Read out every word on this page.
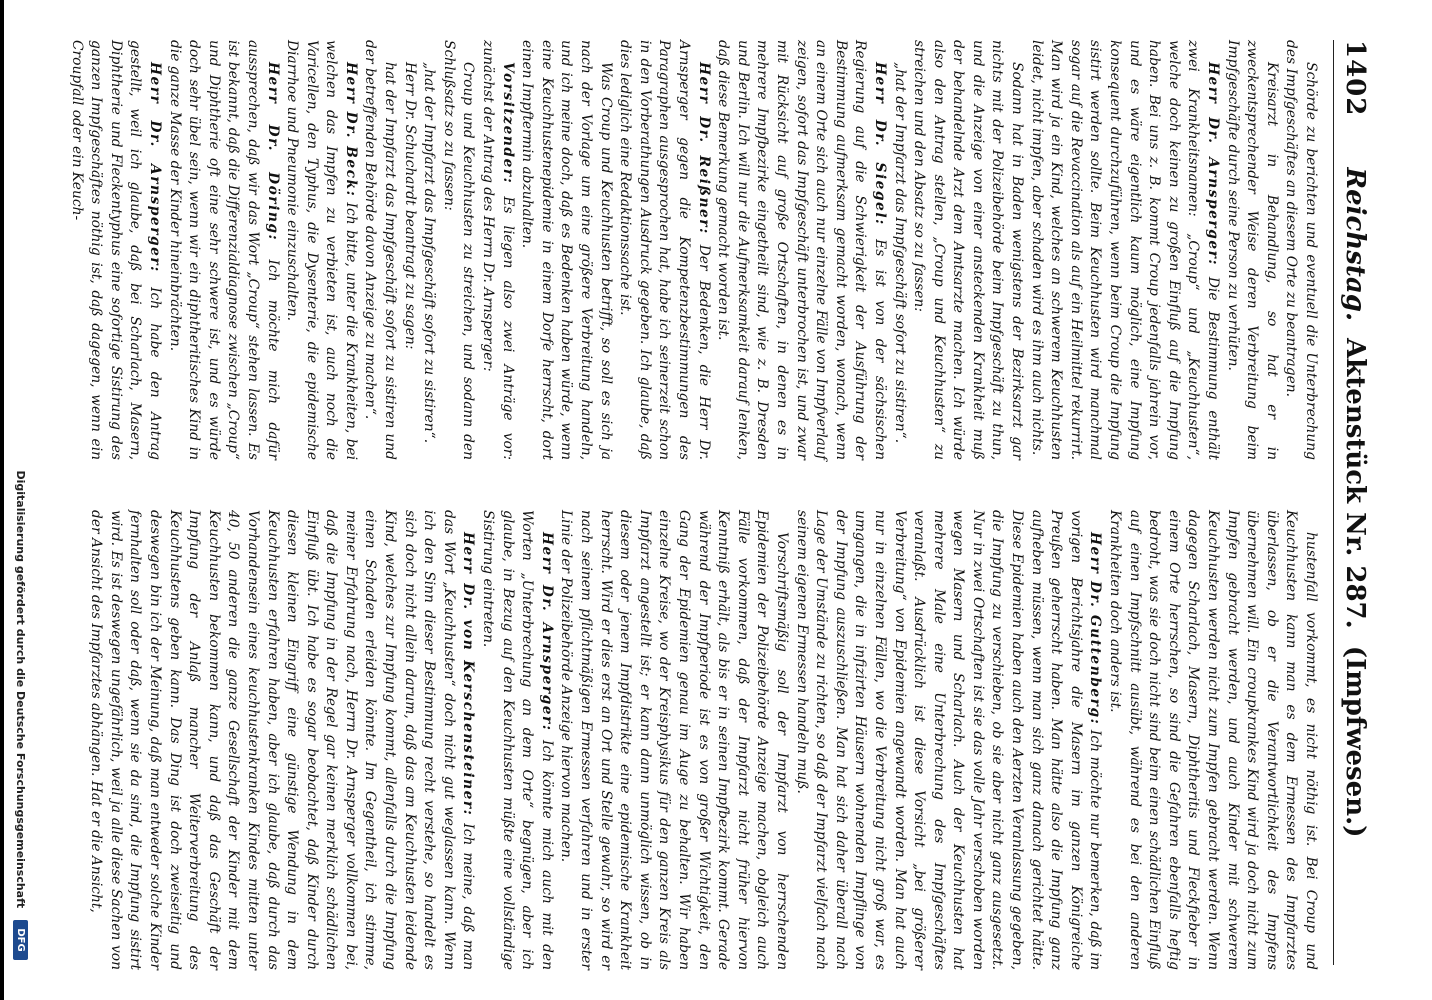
1402
Reichstag. Aktenstück Nr. 287. (Impfwesen.)

Schörde zu berichten und eventuell die Unterbrechung des Impfgeschäftes an diesem Orte zu beantragen.

Kreisarzt in Behandlung, so hat er in zweckentsprechender Weise deren Verbreitung beim Impfgeschäfte durch seine Person zu verhüten.

Herr Dr. Arnsperger: Die Bestimmung enthält zwei Krankheitsnamen: „Croup“ und „Keuchhusten“, welche doch keinen zu großen Einfluß auf die Impfung haben. Bei uns z. B. kommt Croup jedenfalls jahrein vor, und es wäre eigentlich kaum möglich, eine Impfung konsequent durchzuführen, wenn beim Croup die Impfung sistirt werden sollte. Beim Keuchhusten wird manchmal sogar auf die Revaccination als auf ein Heilmittel rekurrirt. Man wird ja ein Kind, welches an schwerem Keuchhusten leidet, nicht impfen, aber schaden wird es ihm auch nichts.

Sodann hat in Baden wenigstens der Bezirksarzt gar nichts mit der Polizeibehörde beim Impfgeschäft zu thun, und die Anzeige von einer ansteckenden Krankheit muß der behandelnde Arzt dem Amtsarzte machen. Ich würde also den Antrag stellen, „Croup und Keuchhusten“ zu streichen und den Absatz so zu fassen:

„hat der Impfarzt das Impfgeschäft sofort zu sistiren“.

Herr Dr. Siegel: Es ist von der sächsischen Regierung auf die Schwierigkeit der Ausführung der Bestimmung aufmerksam gemacht worden, wonach, wenn an einem Orte sich auch nur einzelne Fälle von Impfverlauf zeigen, sofort das Impfgeschäft unterbrochen ist, und zwar mit Rücksicht auf große Ortschaften, in denen es in mehrere Impfbezirke eingetheilt sind, wie z. B. Dresden und Berlin. Ich will nur die Aufmerksamkeit darauf lenken, daß diese Bemerkung gemacht worden ist.

Herr Dr. Reißner: Der Bedenken, die Herr Dr. Arnsperger gegen die Kompetenzbestimmungen des Paragraphen ausgesprochen hat, habe ich seinerzeit schon in den Vorberathungen Ausdruck gegeben. Ich glaube, daß dies lediglich eine Redaktionssache ist.

Was Croup und Keuchhusten betrifft, so soll es sich ja nach der Vorlage um eine größere Verbreitung handeln, und ich meine doch, daß es Bedenken haben würde, wenn eine Keuchhustenepidemie in einem Dorfe herrscht, dort einen Impftermin abzuhalten.

Vorsitzender: Es liegen also zwei Anträge vor: zunächst der Antrag des Herrn Dr. Arnsperger:

Croup und Keuchhusten zu streichen, und sodann den Schlußsatz so zu fassen:

„hat der Impfarzt das Impfgeschäft sofort zu sistiren“.

Herr Dr. Schuchardt beantragt zu sagen:

hat der Impfarzt das Impfgeschäft sofort zu sistiren und der betreffenden Behörde davon Anzeige zu machen“.

Herr Dr. Beck: Ich bitte, unter die Krankheiten, bei welchen das Impfen zu verbieten ist, auch noch die Varicellen, den Typhus, die Dysenterie, die epidemische Diarrhoe und Pneumonie einzuschalten.

Herr Dr. Döring: Ich möchte mich dafür aussprechen, daß wir das Wort „Croup“ stehen lassen. Es ist bekannt, daß die Differenzialdiagnose zwischen „Croup“ und Diphtherie oft eine sehr schwere ist, und es würde doch sehr übel sein, wenn wir ein diphtheritisches Kind in die ganze Masse der Kinder hineinbrächten.

Herr Dr. Arnsperger: Ich habe den Antrag gestellt, weil ich glaube, daß bei Scharlach, Masern, Diphtherie und Fleckentyphus eine sofortige Sistirung des ganzen Impfgeschäftes nöthig ist, daß dagegen, wenn ein Croupfall oder ein Keuch-

hustenfall vorkommt, es nicht nöthig ist. Bei Croup und Keuchhusten kann man es dem Ermessen des Impfarztes überlassen, ob er die Verantwortlichkeit des Impfens übernehmen will. Ein croupkrankes Kind wird ja doch nicht zum Impfen gebracht werden, und auch Kinder mit schwerem Keuchhusten werden nicht zum Impfen gebracht werden. Wenn dagegen Scharlach, Masern, Diphtheritis und Fleckfieber in einem Orte herrschen, so sind die Gefahren ebenfalls heftig bedroht, was sie doch nicht sind beim einen schädlichen Einfluß auf einen Impfschnitt ausübt, während es bei den anderen Krankheiten doch anders ist.

Herr Dr. Guttenberg: Ich möchte nur bemerken, daß im vorigen Berichtsjahre die Masern im ganzen Königreiche Preußen geherrscht haben. Man hätte also die Impfung ganz aufheben müssen, wenn man sich ganz danach gerichtet hätte. Diese Epidemien haben auch den Aerzten Veranlassung gegeben, die Impfung zu verschieben, ob sie aber nicht ganz ausgesetzt. Nur in zwei Ortschaften ist sie das volle Jahr verschoben worden wegen Masern und Scharlach. Auch der Keuchhusten hat mehrere Male eine Unterbrechung des Impfgeschäftes veranlaßt. Ausdrücklich ist diese Vorsicht „bei größerer Verbreitung“ von Epidemien angewandt worden. Man hat auch nur in einzelnen Fällen, wo die Verbreitung nicht groß war, es umgangen, die in infizirten Häusern wohnenden Impflinge von der Impfung auszuschließen. Man hat sich daher überall nach Lage der Umstände zu richten, so daß der Impfarzt vielfach nach seinem eigenen Ermessen handeln muß.

Vorschriftsmäßig soll der Impfarzt von herrschenden Epidemien der Polizeibehörde Anzeige machen, obgleich auch Fälle vorkommen, daß der Impfarzt nicht früher hiervon Kenntniß erhält, als bis er in seinen Impfbezirk kommt. Gerade während der Impfperiode ist es von großer Wichtigkeit, den Gang der Epidemien genau im Auge zu behalten. Wir haben einzelne Kreise, wo der Kreisphysikus für den ganzen Kreis als Impfarzt angestellt ist; er kann dann unmöglich wissen, ob in diesem oder jenem Impfdistrikte eine epidemische Krankheit herrscht. Wird er dies erst an Ort und Stelle gewahr, so wird er nach seinem pflichtmäßigen Ermessen verfahren und in erster Linie der Polizeibehörde Anzeige hiervon machen.

Herr Dr. Arnsperger: Ich könnte mich auch mit den Worten „Unterbrechung an dem Orte“ begnügen, aber ich glaube, in Bezug auf den Keuchhusten müßte eine vollständige Sistirung eintreten.

Herr Dr. von Kerschensteiner: Ich meine, daß man das Wort „Keuchhusten“ doch nicht gut weglassen kann. Wenn ich den Sinn dieser Bestimmung recht verstehe, so handelt es sich doch nicht allein darum, daß das am Keuchhusten leidende Kind, welches zur Impfung kommt, allenfalls durch die Impfung einen Schaden erleiden könnte. Im Gegentheil, ich stimme, meiner Erfahrung nach, Herrn Dr. Arnsperger vollkommen bei, daß die Impfung in der Regel gar keinen merklich schädlichen Einfluß übt. Ich habe es sogar beobachtet, daß Kinder durch diesen kleinen Eingriff eine günstige Wendung in dem Keuchhusten erfahren haben, aber ich glaube, daß durch das Vorhandensein eines keuchhustenkranken Kindes mitten unter 40, 50 anderen die ganze Gesellschaft der Kinder mit dem Keuchhusten bekommen kann, und daß das Geschäft der Impfung der Anlaß mancher Weiterverbreitung des Keuchhustens geben kann. Das Ding ist doch zweiseitig und deswegen bin ich der Meinung, daß man entweder solche Kinder fernhalten soll oder daß, wenn sie da sind, die Impfung sistirt wird. Es ist deswegen ungefährlich, weil ja alle diese Sachen von der Ansicht des Impfarztes abhängen. Hat er die Ansicht,

Digitalisierung gefördert durch die Deutsche Forschungsgemeinschaft DFG
